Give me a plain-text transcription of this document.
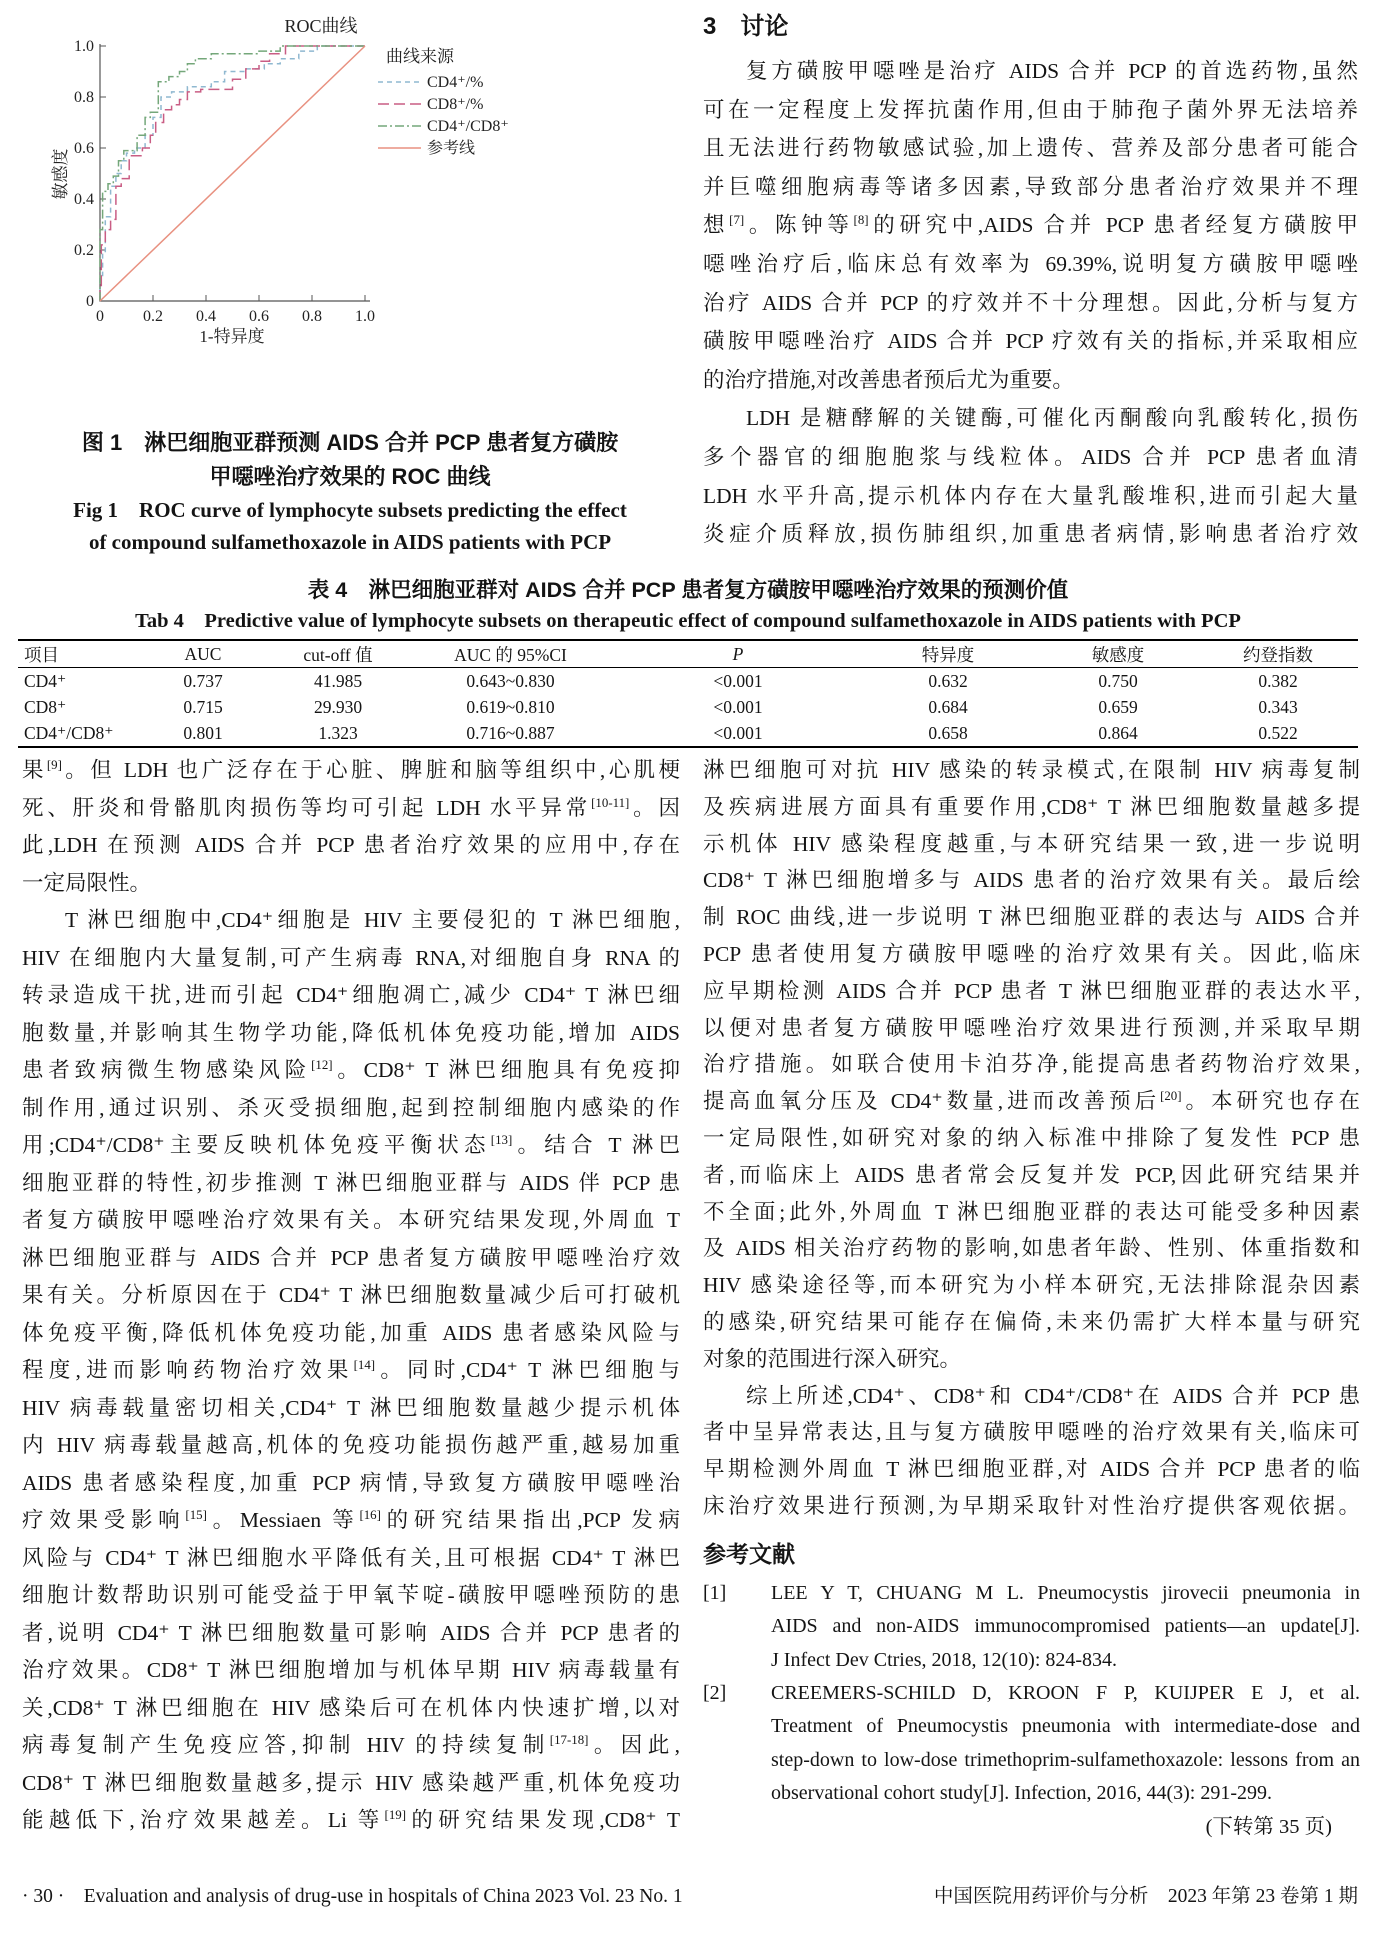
ROC曲线
1-特异度
敏感度
0 0.2 0.4 0.6 0.8 1.0
0
0.2
0.4
0.6
0.8
1.0
曲线来源
CD4⁺/%
CD8⁺/%
CD4⁺/CD8⁺
参考线
图 1　淋巴细胞亚群预测 AIDS 合并 PCP 患者复方磺胺
甲噁唑治疗效果的 ROC 曲线
Fig 1　ROC curve of lymphocyte subsets predicting the effect
of compound sulfamethoxazole in AIDS patients with PCP
3　讨论
复方磺胺甲噁唑是治疗 AIDS 合并 PCP 的首选药物,虽然
可在一定程度上发挥抗菌作用,但由于肺孢子菌外界无法培养
且无法进行药物敏感试验,加上遗传、营养及部分患者可能合
并巨噬细胞病毒等诸多因素,导致部分患者治疗效果并不理
想[7]。陈钟等[8]的研究中,AIDS 合并 PCP 患者经复方磺胺甲
噁唑治疗后,临床总有效率为 69.39%,说明复方磺胺甲噁唑
治疗 AIDS 合并 PCP 的疗效并不十分理想。因此,分析与复方
磺胺甲噁唑治疗 AIDS 合并 PCP 疗效有关的指标,并采取相应
的治疗措施,对改善患者预后尤为重要。
LDH 是糖酵解的关键酶,可催化丙酮酸向乳酸转化,损伤
多个器官的细胞胞浆与线粒体。AIDS 合并 PCP 患者血清
LDH 水平升高,提示机体内存在大量乳酸堆积,进而引起大量
炎症介质释放,损伤肺组织,加重患者病情,影响患者治疗效
表 4　淋巴细胞亚群对 AIDS 合并 PCP 患者复方磺胺甲噁唑治疗效果的预测价值
Tab 4　Predictive value of lymphocyte subsets on therapeutic effect of compound sulfamethoxazole in AIDS patients with PCP
项目	AUC	cut-off 值	AUC 的 95%CI	P	特异度	敏感度	约登指数
CD4⁺	0.737	41.985	0.643~0.830	<0.001	0.632	0.750	0.382
CD8⁺	0.715	29.930	0.619~0.810	<0.001	0.684	0.659	0.343
CD4⁺/CD8⁺	0.801	1.323	0.716~0.887	<0.001	0.658	0.864	0.522
果[9]。但 LDH 也广泛存在于心脏、脾脏和脑等组织中,心肌梗
死、肝炎和骨骼肌肉损伤等均可引起 LDH 水平异常[10-11]。因
此,LDH 在预测 AIDS 合并 PCP 患者治疗效果的应用中,存在
一定局限性。
T 淋巴细胞中,CD4⁺细胞是 HIV 主要侵犯的 T 淋巴细胞,
HIV 在细胞内大量复制,可产生病毒 RNA,对细胞自身 RNA 的
转录造成干扰,进而引起 CD4⁺细胞凋亡,减少 CD4⁺ T 淋巴细
胞数量,并影响其生物学功能,降低机体免疫功能,增加 AIDS
患者致病微生物感染风险[12]。CD8⁺ T 淋巴细胞具有免疫抑
制作用,通过识别、杀灭受损细胞,起到控制细胞内感染的作
用;CD4⁺/CD8⁺主要反映机体免疫平衡状态[13]。结合 T 淋巴
细胞亚群的特性,初步推测 T 淋巴细胞亚群与 AIDS 伴 PCP 患
者复方磺胺甲噁唑治疗效果有关。本研究结果发现,外周血 T
淋巴细胞亚群与 AIDS 合并 PCP 患者复方磺胺甲噁唑治疗效
果有关。分析原因在于 CD4⁺ T 淋巴细胞数量减少后可打破机
体免疫平衡,降低机体免疫功能,加重 AIDS 患者感染风险与
程度,进而影响药物治疗效果[14]。同时,CD4⁺ T 淋巴细胞与
HIV 病毒载量密切相关,CD4⁺ T 淋巴细胞数量越少提示机体
内 HIV 病毒载量越高,机体的免疫功能损伤越严重,越易加重
AIDS 患者感染程度,加重 PCP 病情,导致复方磺胺甲噁唑治
疗效果受影响[15]。Messiaen 等[16]的研究结果指出,PCP 发病
风险与 CD4⁺ T 淋巴细胞水平降低有关,且可根据 CD4⁺ T 淋巴
细胞计数帮助识别可能受益于甲氧苄啶-磺胺甲噁唑预防的患
者,说明 CD4⁺ T 淋巴细胞数量可影响 AIDS 合并 PCP 患者的
治疗效果。CD8⁺ T 淋巴细胞增加与机体早期 HIV 病毒载量有
关,CD8⁺ T 淋巴细胞在 HIV 感染后可在机体内快速扩增,以对
病毒复制产生免疫应答,抑制 HIV 的持续复制[17-18]。因此,
CD8⁺ T 淋巴细胞数量越多,提示 HIV 感染越严重,机体免疫功
能越低下,治疗效果越差。Li 等[19]的研究结果发现,CD8⁺ T
淋巴细胞可对抗 HIV 感染的转录模式,在限制 HIV 病毒复制
及疾病进展方面具有重要作用,CD8⁺ T 淋巴细胞数量越多提
示机体 HIV 感染程度越重,与本研究结果一致,进一步说明
CD8⁺ T 淋巴细胞增多与 AIDS 患者的治疗效果有关。最后绘
制 ROC 曲线,进一步说明 T 淋巴细胞亚群的表达与 AIDS 合并
PCP 患者使用复方磺胺甲噁唑的治疗效果有关。因此,临床
应早期检测 AIDS 合并 PCP 患者 T 淋巴细胞亚群的表达水平,
以便对患者复方磺胺甲噁唑治疗效果进行预测,并采取早期
治疗措施。如联合使用卡泊芬净,能提高患者药物治疗效果,
提高血氧分压及 CD4⁺数量,进而改善预后[20]。本研究也存在
一定局限性,如研究对象的纳入标准中排除了复发性 PCP 患
者,而临床上 AIDS 患者常会反复并发 PCP,因此研究结果并
不全面;此外,外周血 T 淋巴细胞亚群的表达可能受多种因素
及 AIDS 相关治疗药物的影响,如患者年龄、性别、体重指数和
HIV 感染途径等,而本研究为小样本研究,无法排除混杂因素
的感染,研究结果可能存在偏倚,未来仍需扩大样本量与研究
对象的范围进行深入研究。
综上所述,CD4⁺、CD8⁺和 CD4⁺/CD8⁺在 AIDS 合并 PCP 患
者中呈异常表达,且与复方磺胺甲噁唑的治疗效果有关,临床可
早期检测外周血 T 淋巴细胞亚群,对 AIDS 合并 PCP 患者的临
床治疗效果进行预测,为早期采取针对性治疗提供客观依据。
参考文献
[1] LEE Y T, CHUANG M L. Pneumocystis jirovecii pneumonia in
AIDS and non-AIDS immunocompromised patients—an update[J].
J Infect Dev Ctries, 2018, 12(10): 824-834.
[2] CREEMERS-SCHILD D, KROON F P, KUIJPER E J, et al.
Treatment of Pneumocystis pneumonia with intermediate-dose and
step-down to low-dose trimethoprim-sulfamethoxazole: lessons from an
observational cohort study[J]. Infection, 2016, 44(3): 291-299.
(下转第 35 页)
· 30 ·    Evaluation and analysis of drug-use in hospitals of China 2023 Vol. 23 No. 1	中国医院用药评价与分析　2023 年第 23 卷第 1 期
